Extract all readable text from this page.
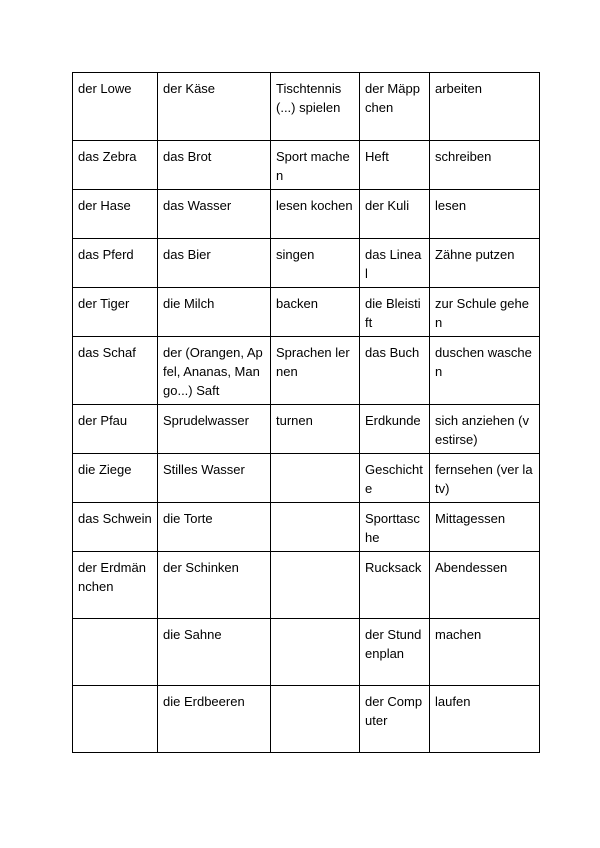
der Lowe	der Käse	Tischtennis (...) spielen	der Mäppchen	arbeiten
das Zebra	das Brot	Sport machen	Heft	schreiben
der Hase	das Wasser	lesen kochen	der Kuli	lesen
das Pferd	das Bier	singen	das Lineal	Zähne putzen
der Tiger	die Milch	backen	die Bleistift	zur Schule gehen
das Schaf	der (Orangen, Apfel, Ananas, Mango...) Saft	Sprachen lernen	das Buch	duschen waschen
der Pfau	Sprudelwasser	turnen	Erdkunde	sich anziehen (vestirse)
die Ziege	Stilles Wasser		Geschichte	fernsehen (ver la tv)
das Schwein	die Torte		Sporttasche	Mittagessen
der Erdmännchen	der Schinken		Rucksack	Abendessen
	die Sahne		der Stundenplan	machen
	die Erdbeeren		der Computer	laufen
